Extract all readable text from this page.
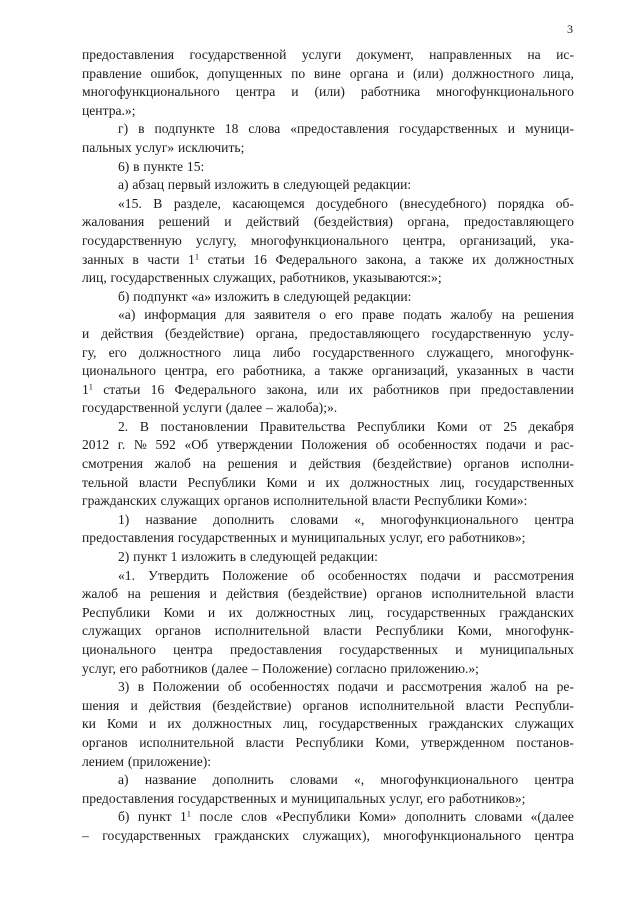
3
предоставления государственной услуги документ, направленных на ис-
правление ошибок, допущенных по вине органа и (или) должностного лица,
многофункционального центра и (или) работника многофункционального
центра.»;
г) в подпункте 18 слова «предоставления государственных и муници-
пальных услуг» исключить;
6) в пункте 15:
а) абзац первый изложить в следующей редакции:
«15. В разделе, касающемся досудебного (внесудебного) порядка об-
жалования решений и действий (бездействия) органа, предоставляющего
государственную услугу, многофункционального центра, организаций, ука-
занных в части $1^1$ статьи 16 Федерального закона, а также их должностных
лиц, государственных служащих, работников, указываются:»;
б) подпункт «а» изложить в следующей редакции:
«а) информация для заявителя о его праве подать жалобу на решения
и действия (бездействие) органа, предоставляющего государственную услу-
гу, его должностного лица либо государственного служащего, многофунк-
ционального центра, его работника, а также организаций, указанных в части
$1^1$ статьи 16 Федерального закона, или их работников при предоставлении
государственной услуги (далее – жалоба);».
2. В постановлении Правительства Республики Коми от 25 декабря
2012 г. № 592 «Об утверждении Положения об особенностях подачи и рас-
смотрения жалоб на решения и действия (бездействие) органов исполни-
тельной власти Республики Коми и их должностных лиц, государственных
гражданских служащих органов исполнительной власти Республики Коми»:
1) название дополнить словами «, многофункционального центра
предоставления государственных и муниципальных услуг, его работников»;
2) пункт 1 изложить в следующей редакции:
«1. Утвердить Положение об особенностях подачи и рассмотрения
жалоб на решения и действия (бездействие) органов исполнительной власти
Республики Коми и их должностных лиц, государственных гражданских
служащих органов исполнительной власти Республики Коми, многофунк-
ционального центра предоставления государственных и муниципальных
услуг, его работников (далее – Положение) согласно приложению.»;
3) в Положении об особенностях подачи и рассмотрения жалоб на ре-
шения и действия (бездействие) органов исполнительной власти Республи-
ки Коми и их должностных лиц, государственных гражданских служащих
органов исполнительной власти Республики Коми, утвержденном постанов-
лением (приложение):
а) название дополнить словами «, многофункционального центра
предоставления государственных и муниципальных услуг, его работников»;
б) пункт $1^1$ после слов «Республики Коми» дополнить словами «(далее
– государственных гражданских служащих), многофункционального центра
